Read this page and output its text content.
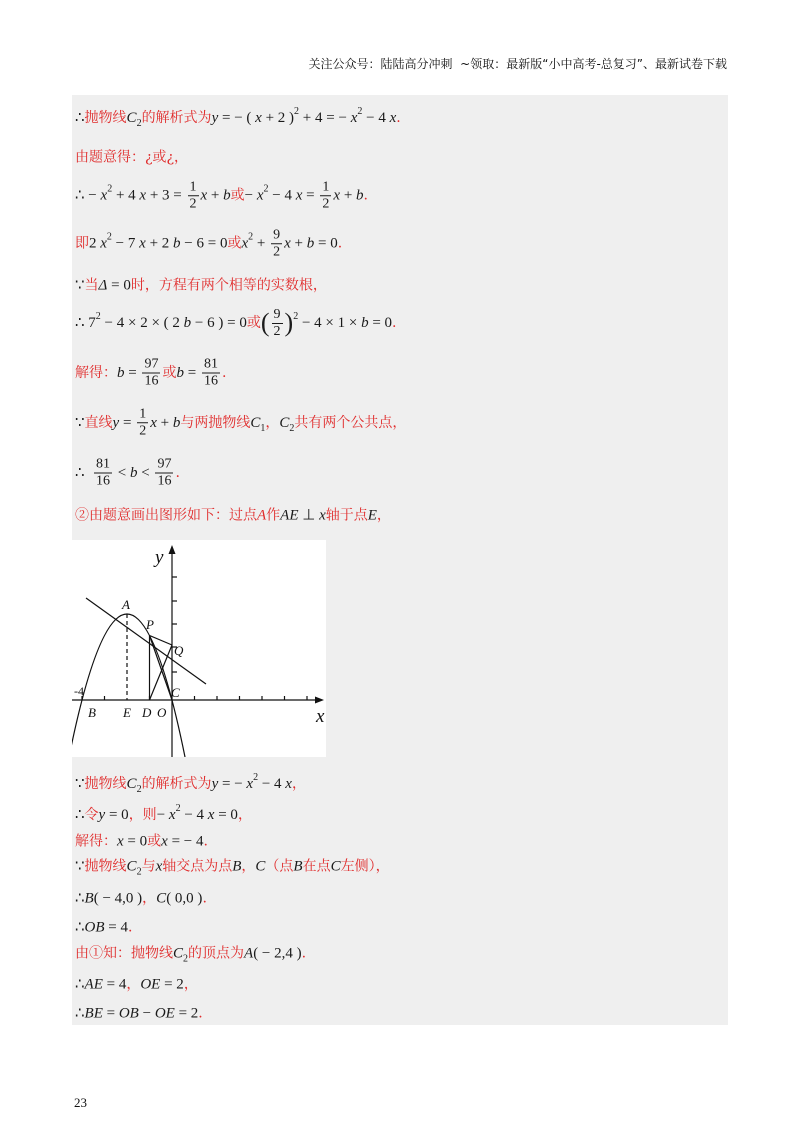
关注公众号：陆陆高分冲刺  ~领取：最新版“小中高考-总复习”、最新试卷下载
∴抛物线$C_2$的解析式为y = − ( x + 2 )$^2$ + 4 = − $x^2 - 4$ x.
由题意得：¿或¿，
∴ − $x^2 + 4$ $x + 3 = \frac{1}{2}$ x + b或− $x^2 - 4$ $x = \frac{1}{2}$ x + b.
即2 $x^2 - 7$ x + 2 b − 6 = 0或$x^2 + \frac{9}{2}$ x + b = 0.
∵当Δ = 0时，方程有两个相等的实数根，
∴ $7^2 - 4 \times 2$ × ( 2 b − 6 ) = 0或( $\frac{9}{2} )^2 - 4 \times 1 \times b = 0$.
解得：$b = \frac{97}{16}$ 或$b = \frac{81}{16}$ .
∵直线$y = \frac{1}{2}$ x + b与两抛物线$C_1$，$C_2$共有两个公共点，
∴ $\frac{81}{16} < b < \frac{97}{16}$ .
②由题意画出图形如下：过点A作AE ⊥ x轴于点E，
y
x
A
P
Q
C
-4
B E D O
∵抛物线$C_2$的解析式为y = − $x^2 - 4$ x，
∴令y = 0，则− $x^2 - 4$ x = 0，
解得：x = 0或x = − 4.
∵抛物线$C_2$与x轴交点为点B，C（点B在点C左侧），
∴B( − 4,0 )，C( 0,0 ).
∴OB = 4.
由①知：抛物线$C_2$的顶点为A( − 2,4 ).
∴AE = 4，OE = 2，
∴BE = OB − OE = 2.
23
